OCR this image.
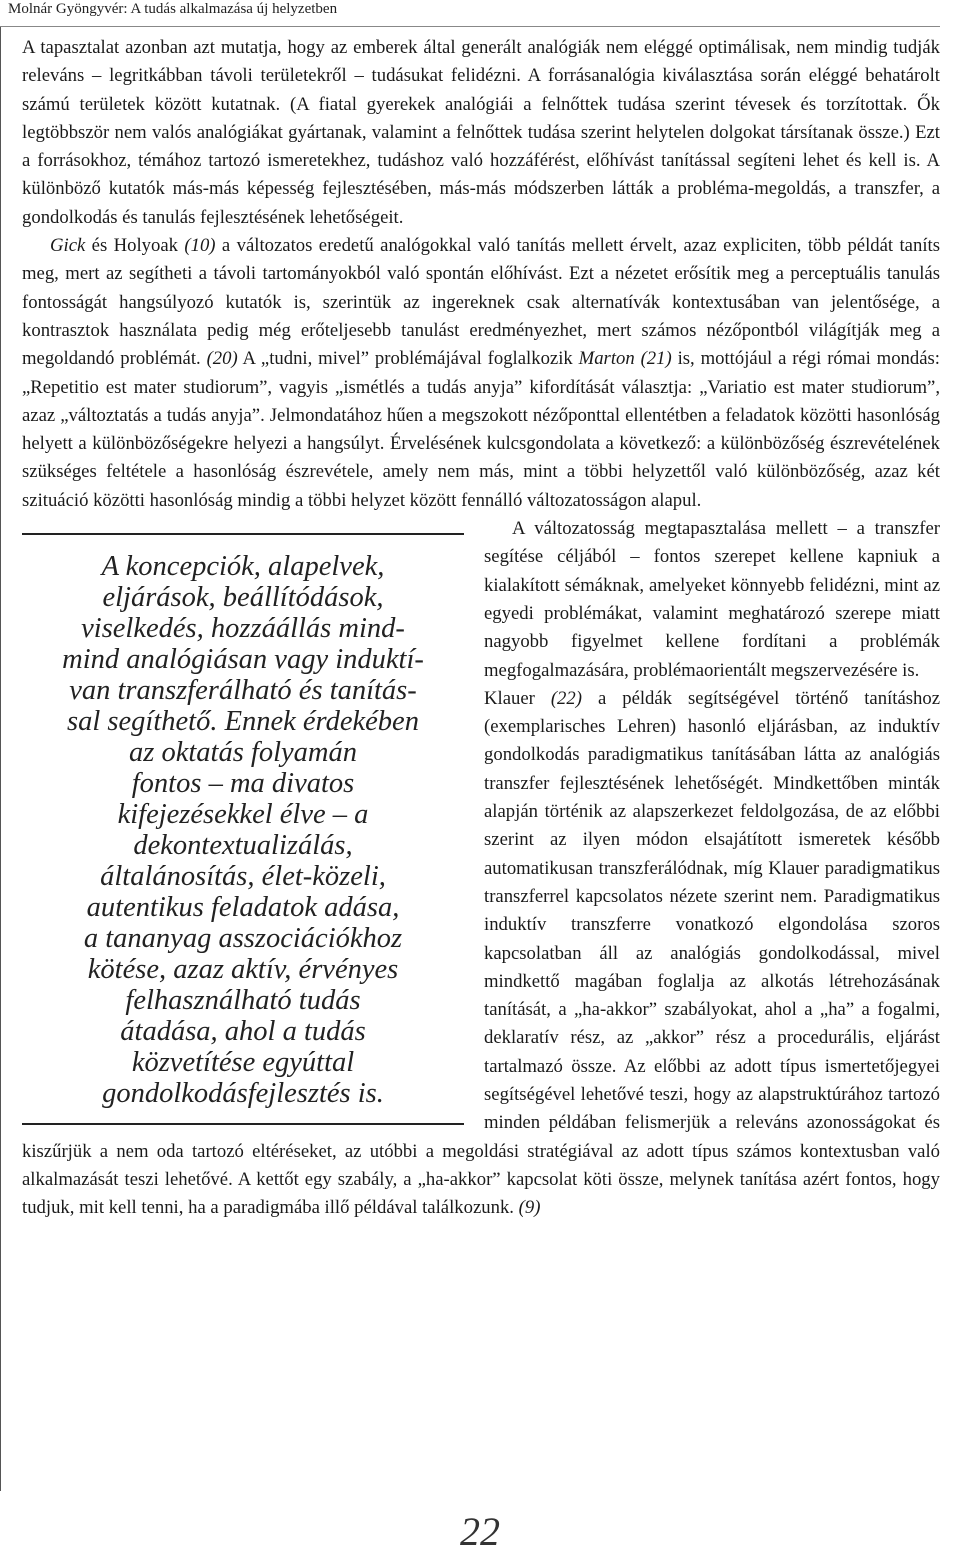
Molnár Gyöngyvér: A tudás alkalmazása új helyzetben

A tapasztalat azonban azt mutatja, hogy az emberek által generált analógiák nem eléggé optimálisak, nem mindig tudják releváns – legritkábban távoli területekről – tudásukat felidézni. A forrásanalógia kiválasztása során eléggé behatárolt számú területek között kutatnak. (A fiatal gyerekek analógiái a felnőttek tudása szerint tévesek és torzítottak. Ők legtöbbször nem valós analógiákat gyártanak, valamint a felnőttek tudása szerint helytelen dolgokat társítanak össze.) Ezt a forrásokhoz, témához tartozó ismeretekhez, tudáshoz való hozzáférést, előhívást tanítással segíteni lehet és kell is. A különböző kutatók más-más képesség fejlesztésében, más-más módszerben látták a probléma-megoldás, a transzfer, a gondolkodás és tanulás fejlesztésének lehetőségeit.

Gick és Holyoak (10) a változatos eredetű analógokkal való tanítás mellett érvelt, azaz expliciten, több példát taníts meg, mert az segítheti a távoli tartományokból való spontán előhívást. Ezt a nézetet erősítik meg a perceptuális tanulás fontosságát hangsúlyozó kutatók is, szerintük az ingereknek csak alternatívák kontextusában van jelentősége, a kontrasztok használata pedig még erőteljesebb tanulást eredményezhet, mert számos nézőpontból világítják meg a megoldandó problémát. (20) A „tudni, mivel” problémájával foglalkozik Marton (21) is, mottójául a régi római mondás: „Repetitio est mater studiorum”, vagyis „ismétlés a tudás anyja” kifordítását választja: „Variatio est mater studiorum”, azaz „változtatás a tudás anyja”. Jelmondatához hűen a megszokott nézőponttal ellentétben a feladatok közötti hasonlóság helyett a különbözőségekre helyezi a hangsúlyt. Érvelésének kulcsgondolata a következő: a különbözőség észrevételének szükséges feltétele a hasonlóság észrevétele, amely nem más, mint a többi helyzettől való különbözőség, azaz két szituáció közötti hasonlóság mindig a többi helyzet között fennálló változatosságon alapul.

A koncepciók, alapelvek,
eljárások, beállítódások,
viselkedés, hozzáállás mind-
mind analógiásan vagy induktí-
van transzferálható és tanítás-
sal segíthető. Ennek érdekében
az oktatás folyamán
fontos – ma divatos
kifejezésekkel élve – a
dekontextualizálás,
általánosítás, élet-közeli,
autentikus feladatok adása,
a tananyag asszociációkhoz
kötése, azaz aktív, érvényes
felhasználható tudás
átadása, ahol a tudás
közvetítése egyúttal
gondolkodásfejlesztés is.

A változatosság megtapasztalása mellett – a transzfer segítése céljából – fontos szerepet kellene kapniuk a kialakított sémáknak, amelyeket könnyebb felidézni, mint az egyedi problémákat, valamint meghatározó szerepe miatt nagyobb figyelmet kellene fordítani a problémák megfogalmazására, problémaorientált megszervezésére is.

Klauer (22) a példák segítségével történő tanításhoz (exemplarisches Lehren) hasonló eljárásban, az induktív gondolkodás paradigmatikus tanításában látta az analógiás transzfer fejlesztésének lehetőségét. Mindkettőben minták alapján történik az alapszerkezet feldolgozása, de az előbbi szerint az ilyen módon elsajátított ismeretek később automatikusan transzferálódnak, míg Klauer paradigmatikus transzferrel kapcsolatos nézete szerint nem. Paradigmatikus induktív transzferre vonatkozó elgondolása szoros kapcsolatban áll az analógiás gondolkodással, mivel mindkettő magában foglalja az alkotás létrehozásának tanítását, a „ha-akkor” szabályokat, ahol a „ha” a fogalmi, deklaratív rész, az „akkor” rész a procedurális, eljárást tartalmazó össze. Az előbbi az adott típus ismertetőjegyei segítségével lehetővé teszi, hogy az alapstruktúrához tartozó minden példában felismerjük a releváns azonosságokat és kiszűrjük a nem oda tartozó eltéréseket, az utóbbi a megoldási stratégiával az adott típus számos kontextusban való alkalmazását teszi lehetővé. A kettőt egy szabály, a „ha-akkor” kapcsolat köti össze, melynek tanítása azért fontos, hogy tudjuk, mit kell tenni, ha a paradigmába illő példával találkozunk. (9)

22
